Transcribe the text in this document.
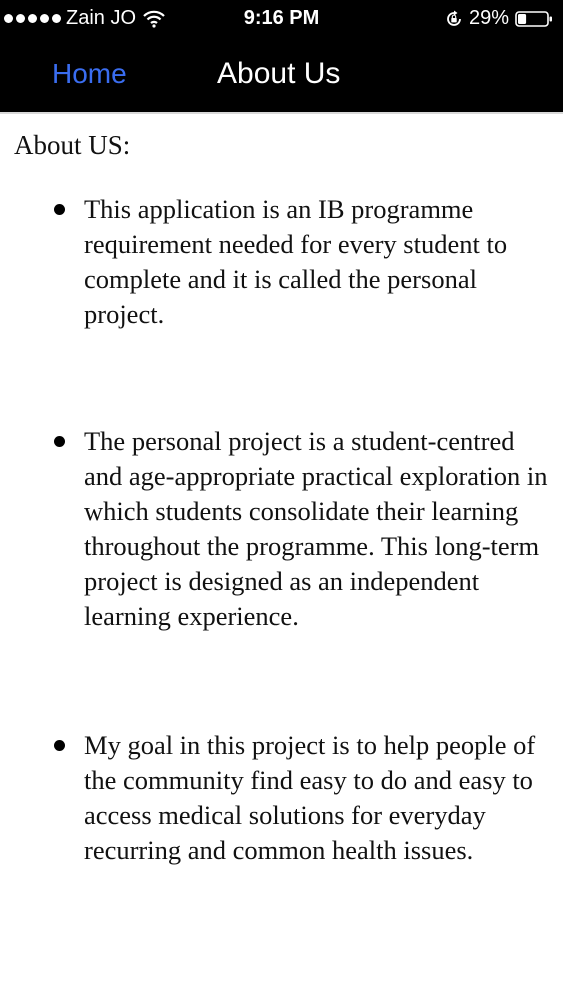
Zain JO	9:16 PM	29%
Home	About Us
About US:
This application is an IB programme requirement needed for every student to complete and it is called the personal project.
The personal project is a student-centred and age-appropriate practical exploration in which students consolidate their learning throughout the programme. This long-term project is designed as an independent learning experience.
My goal in this project is to help people of the community find easy to do and easy to access medical solutions for everyday recurring and common health issues.
